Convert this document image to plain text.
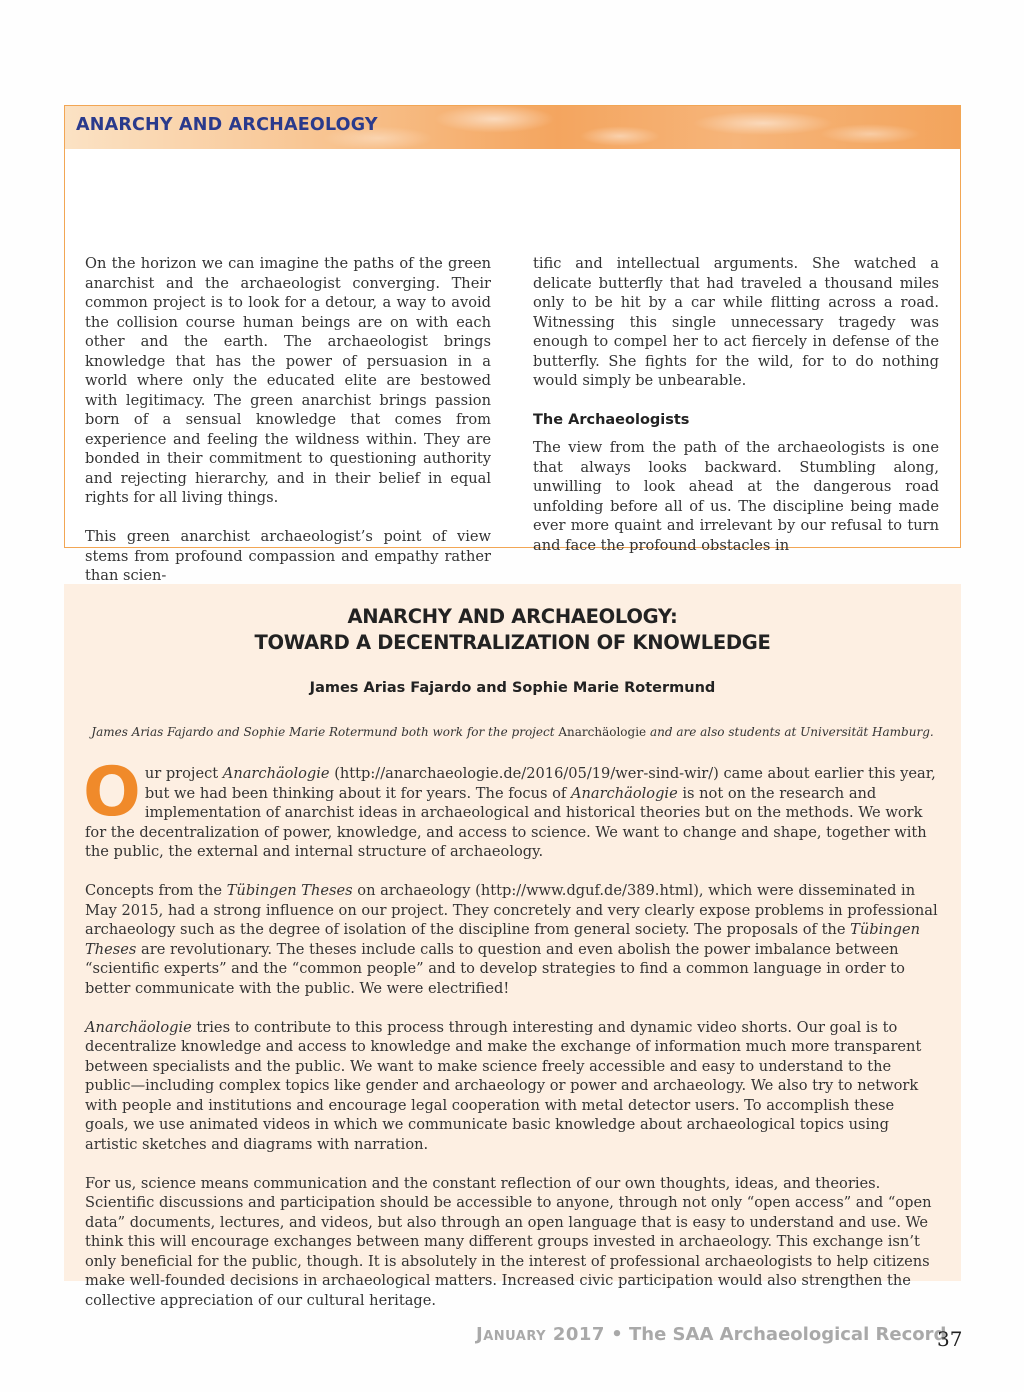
ANARCHY AND ARCHAEOLOGY

On the horizon we can imagine the paths of the green anarchist and the archaeologist converging. Their common project is to look for a detour, a way to avoid the collision course human beings are on with each other and the earth. The archaeologist brings knowledge that has the power of persuasion in a world where only the educated elite are bestowed with legitimacy. The green anarchist brings passion born of a sensual knowledge that comes from experience and feeling the wildness within. They are bonded in their commitment to questioning authority and rejecting hierarchy, and in their belief in equal rights for all living things.

This green anarchist archaeologist’s point of view stems from profound compassion and empathy rather than scien-

tific and intellectual arguments. She watched a delicate butterfly that had traveled a thousand miles only to be hit by a car while flitting across a road. Witnessing this single unnecessary tragedy was enough to compel her to act fiercely in defense of the butterfly. She fights for the wild, for to do nothing would simply be unbearable.

The Archaeologists

The view from the path of the archaeologists is one that always looks backward. Stumbling along, unwilling to look ahead at the dangerous road unfolding before all of us. The discipline being made ever more quaint and irrelevant by our refusal to turn and face the profound obstacles in

ANARCHY AND ARCHAEOLOGY:
TOWARD A DECENTRALIZATION OF KNOWLEDGE
James Arias Fajardo and Sophie Marie Rotermund
James Arias Fajardo and Sophie Marie Rotermund both work for the project Anarchäologie and are also students at Universität Hamburg.

Our project Anarchäologie (http://anarchaeologie.de/2016/05/19/wer-sind-wir/) came about earlier this year, but we had been thinking about it for years. The focus of Anarchäologie is not on the research and implementation of anarchist ideas in archaeological and historical theories but on the methods. We work for the decentralization of power, knowledge, and access to science. We want to change and shape, together with the public, the external and internal structure of archaeology.

Concepts from the Tübingen Theses on archaeology (http://www.dguf.de/389.html), which were disseminated in May 2015, had a strong influence on our project. They concretely and very clearly expose problems in professional archaeology such as the degree of isolation of the discipline from general society. The proposals of the Tübingen Theses are revolutionary. The theses include calls to question and even abolish the power imbalance between “scientific experts” and the “common people” and to develop strategies to find a common language in order to better communicate with the public. We were electrified!

Anarchäologie tries to contribute to this process through interesting and dynamic video shorts. Our goal is to decentralize knowledge and access to knowledge and make the exchange of information much more transparent between specialists and the public. We want to make science freely accessible and easy to understand to the public—including complex topics like gender and archaeology or power and archaeology. We also try to network with people and institutions and encourage legal cooperation with metal detector users. To accomplish these goals, we use animated videos in which we communicate basic knowledge about archaeological topics using artistic sketches and diagrams with narration.

For us, science means communication and the constant reflection of our own thoughts, ideas, and theories. Scientific discussions and participation should be accessible to anyone, through not only “open access” and “open data” documents, lectures, and videos, but also through an open language that is easy to understand and use. We think this will encourage exchanges between many different groups invested in archaeology. This exchange isn’t only beneficial for the public, though. It is absolutely in the interest of professional archaeologists to help citizens make well-founded decisions in archaeological matters. Increased civic participation would also strengthen the collective appreciation of our cultural heritage.

January 2017 • The SAA Archaeological Record
37
